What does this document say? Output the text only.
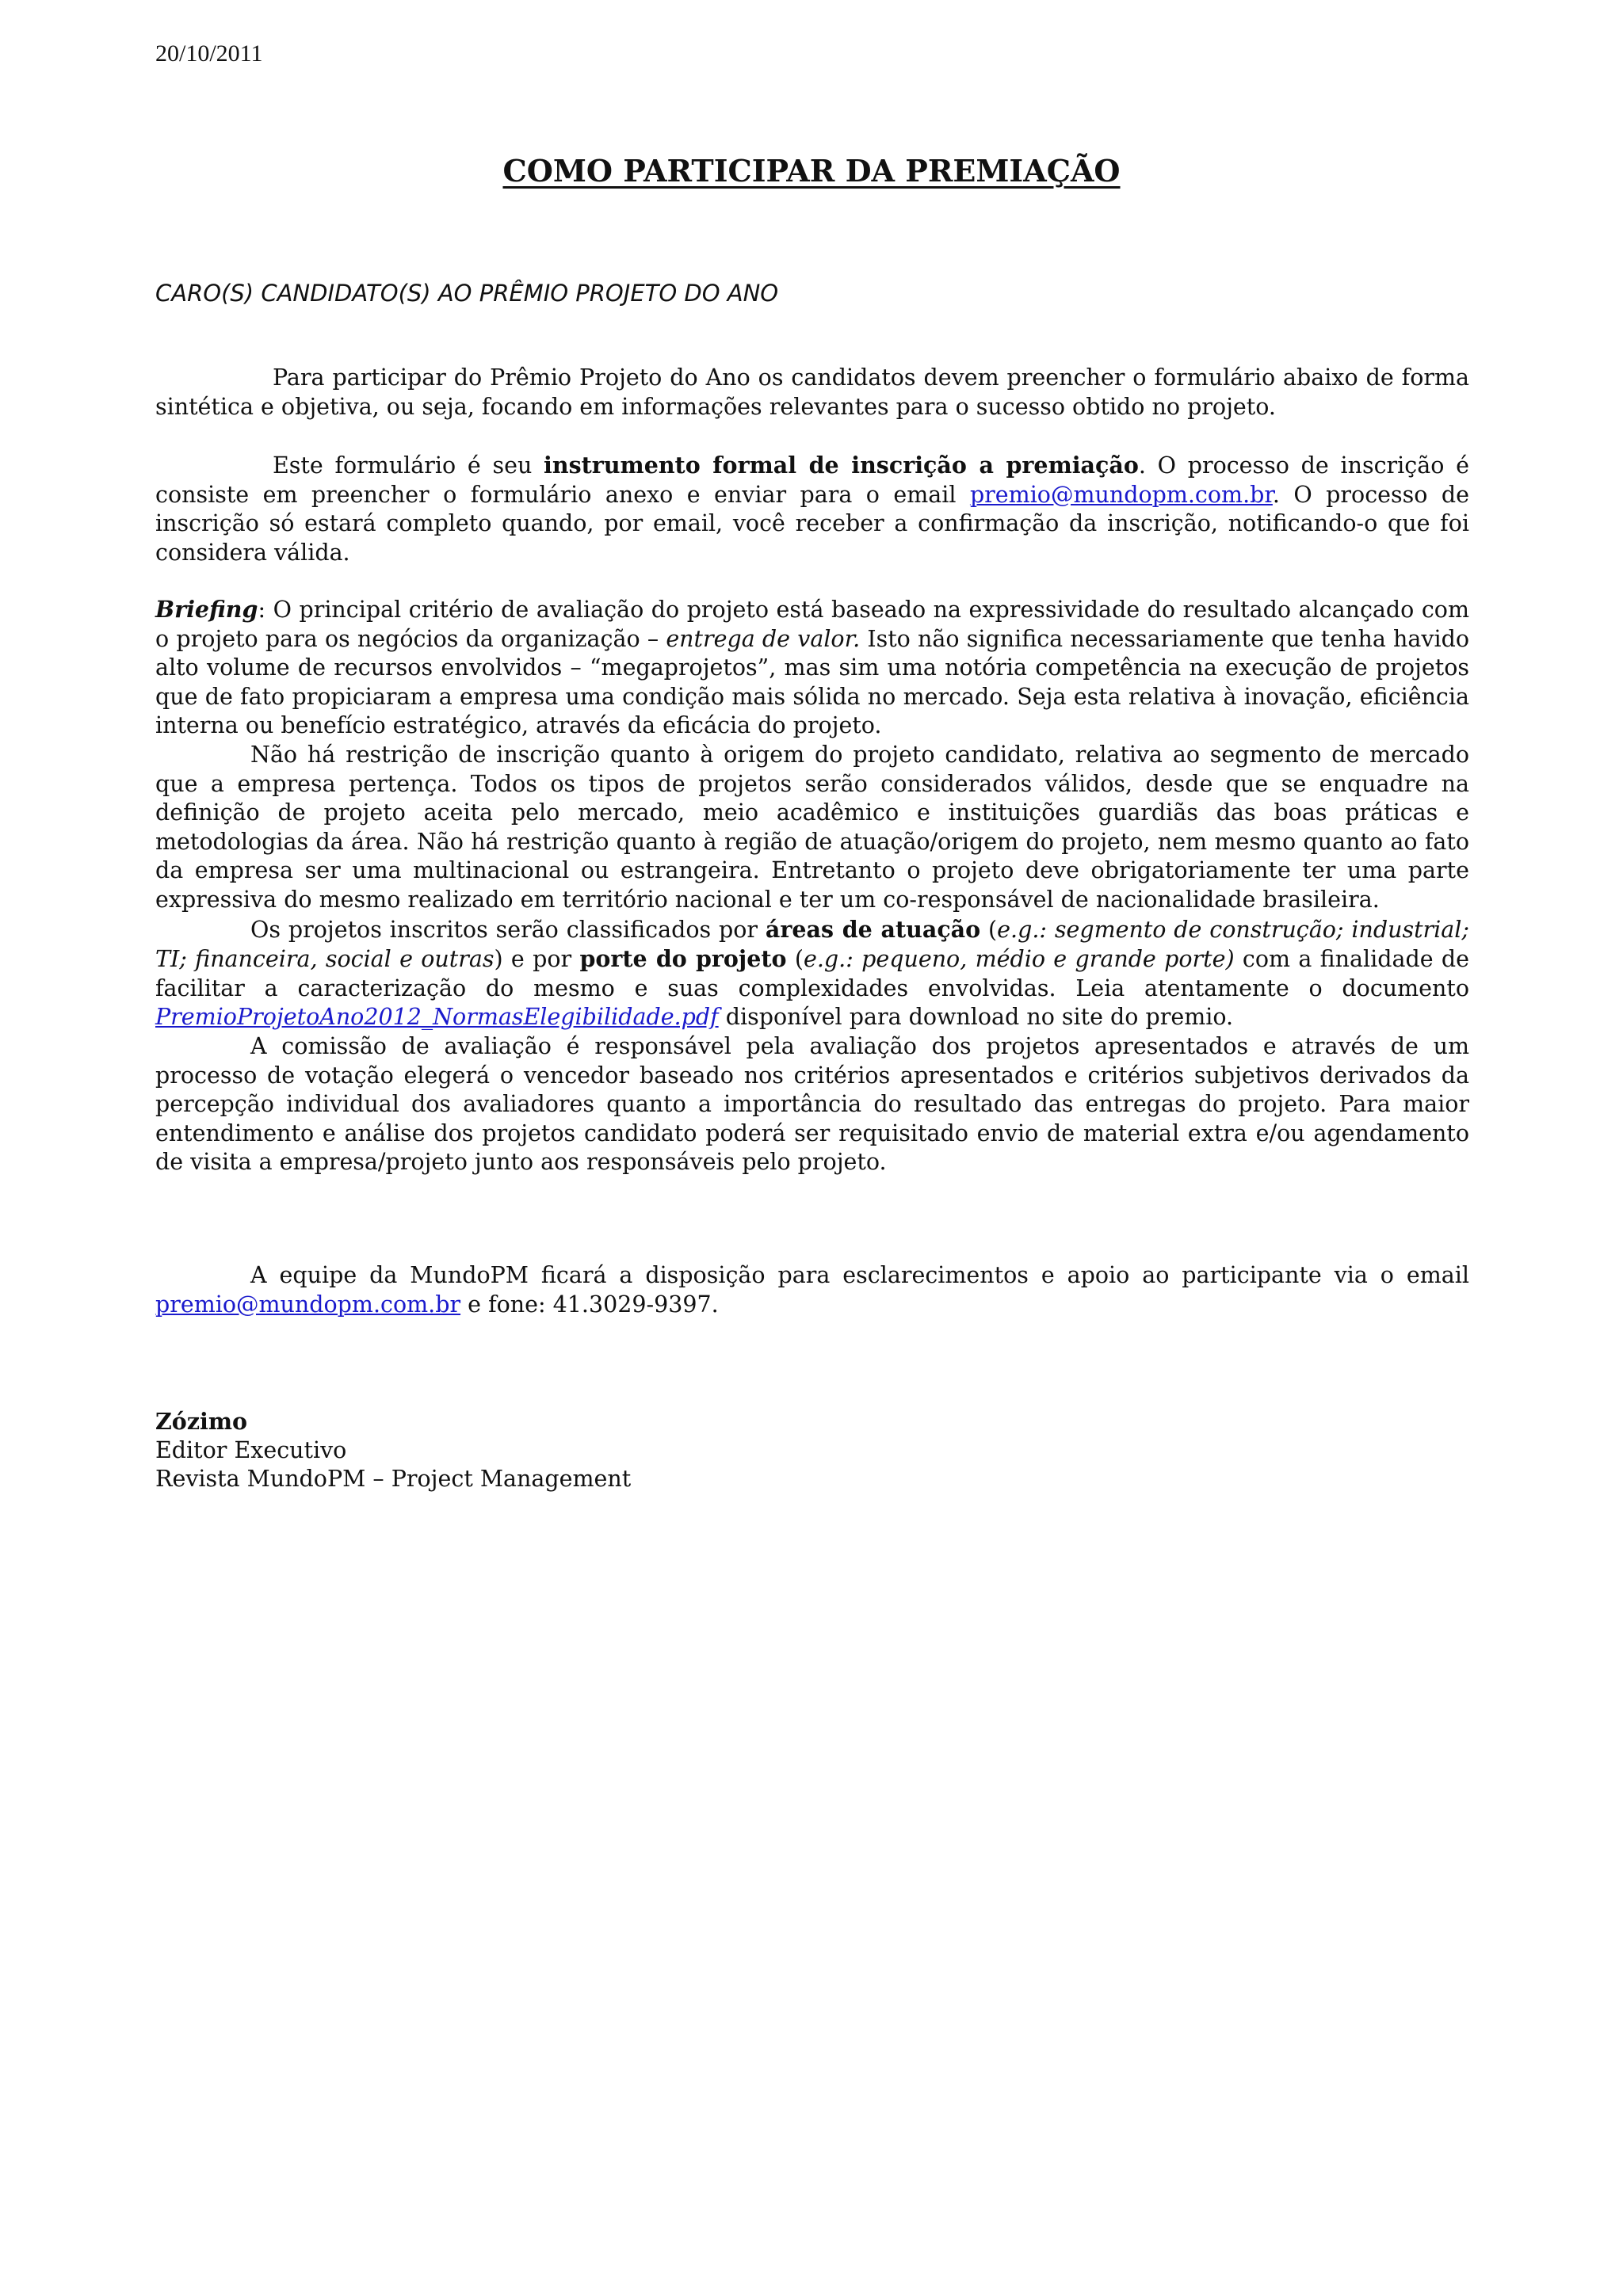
20/10/2011
COMO PARTICIPAR DA PREMIAÇÃO
CARO(S) CANDIDATO(S) AO PRÊMIO PROJETO DO ANO

Para participar do Prêmio Projeto do Ano os candidatos devem preencher o formulário abaixo de forma sintética e objetiva, ou seja, focando em informações relevantes para o sucesso obtido no projeto.

Este formulário é seu instrumento formal de inscrição a premiação. O processo de inscrição é consiste em preencher o formulário anexo e enviar para o email premio@mundopm.com.br. O processo de inscrição só estará completo quando, por email, você receber a confirmação da inscrição, notificando-o que foi considera válida.

Briefing: O principal critério de avaliação do projeto está baseado na expressividade do resultado alcançado com o projeto para os negócios da organização – entrega de valor. Isto não significa necessariamente que tenha havido alto volume de recursos envolvidos – “megaprojetos”, mas sim uma notória competência na execução de projetos que de fato propiciaram a empresa uma condição mais sólida no mercado. Seja esta relativa à inovação, eficiência interna ou benefício estratégico, através da eficácia do projeto.

Não há restrição de inscrição quanto à origem do projeto candidato, relativa ao segmento de mercado que a empresa pertença. Todos os tipos de projetos serão considerados válidos, desde que se enquadre na definição de projeto aceita pelo mercado, meio acadêmico e instituições guardiãs das boas práticas e metodologias da área. Não há restrição quanto à região de atuação/origem do projeto, nem mesmo quanto ao fato da empresa ser uma multinacional ou estrangeira. Entretanto o projeto deve obrigatoriamente ter uma parte expressiva do mesmo realizado em território nacional e ter um co-responsável de nacionalidade brasileira.

Os projetos inscritos serão classificados por áreas de atuação (e.g.: segmento de construção; industrial; TI; financeira, social e outras) e por porte do projeto (e.g.: pequeno, médio e grande porte) com a finalidade de facilitar a caracterização do mesmo e suas complexidades envolvidas. Leia atentamente o documento PremioProjetoAno2012_NormasElegibilidade.pdf disponível para download no site do premio.

A comissão de avaliação é responsável pela avaliação dos projetos apresentados e através de um processo de votação elegerá o vencedor baseado nos critérios apresentados e critérios subjetivos derivados da percepção individual dos avaliadores quanto a importância do resultado das entregas do projeto. Para maior entendimento e análise dos projetos candidato poderá ser requisitado envio de material extra e/ou agendamento de visita a empresa/projeto junto aos responsáveis pelo projeto.

A equipe da MundoPM ficará a disposição para esclarecimentos e apoio ao participante via o email premio@mundopm.com.br e fone: 41.3029-9397.

Zózimo
Editor Executivo
Revista MundoPM – Project Management
